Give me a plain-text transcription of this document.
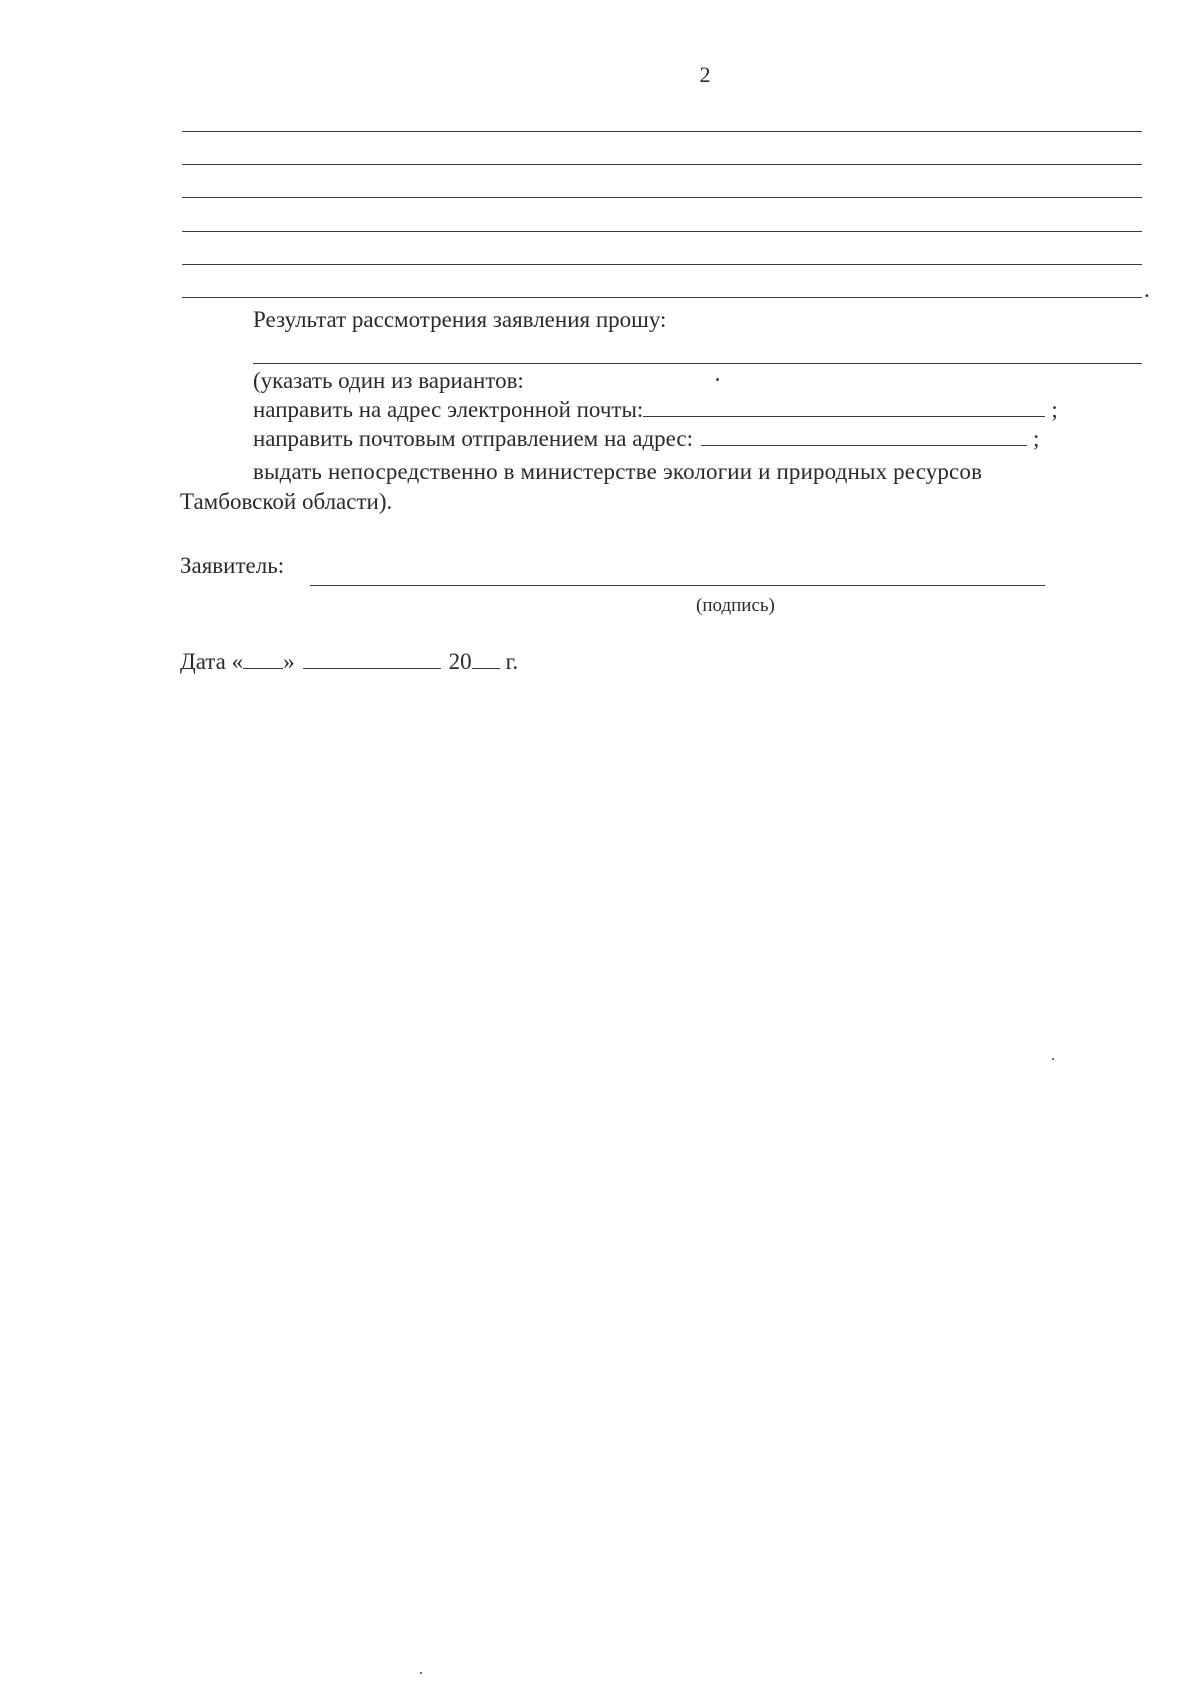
2
.
Результат рассмотрения заявления прошу:
(указать один из вариантов:
направить на адрес электронной почты:	;
направить почтовым отправлением на адрес:	;
выдать непосредственно в министерстве экологии и природных ресурсов
Тамбовской области).
Заявитель:
(подпись)
Дата « »	20 г.
